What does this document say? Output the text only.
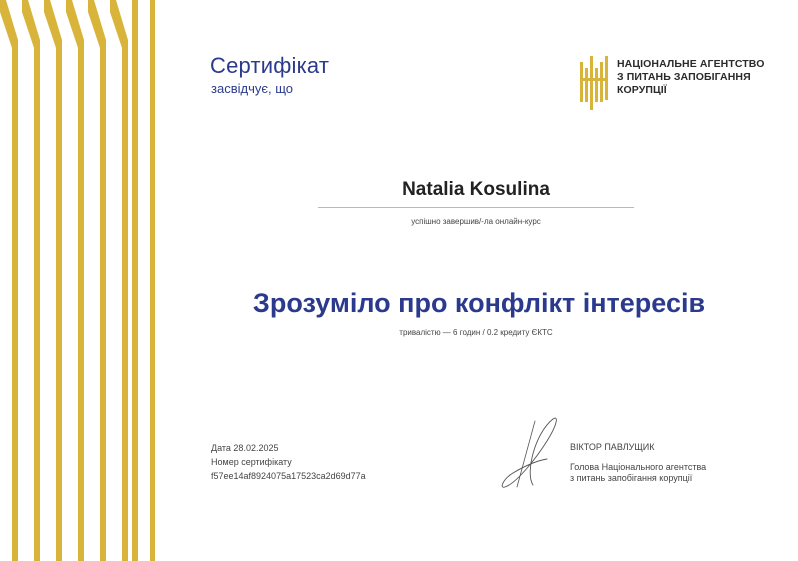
Сертифікат
засвідчує, що
НАЦІОНАЛЬНЕ АГЕНТСТВО
З ПИТАНЬ ЗАПОБІГАННЯ
КОРУПЦІЇ
Natalia Kosulina
успішно завершив/-ла онлайн-курс
Зрозуміло про конфлікт інтересів
тривалістю — 6 годин / 0.2 кредиту ЄКТС
Дата 28.02.2025
Номер сертифікату
f57ee14af8924075a17523ca2d69d77a
ВІКТОР ПАВЛУЩИК
Голова Національного агентства
з питань запобігання корупції
